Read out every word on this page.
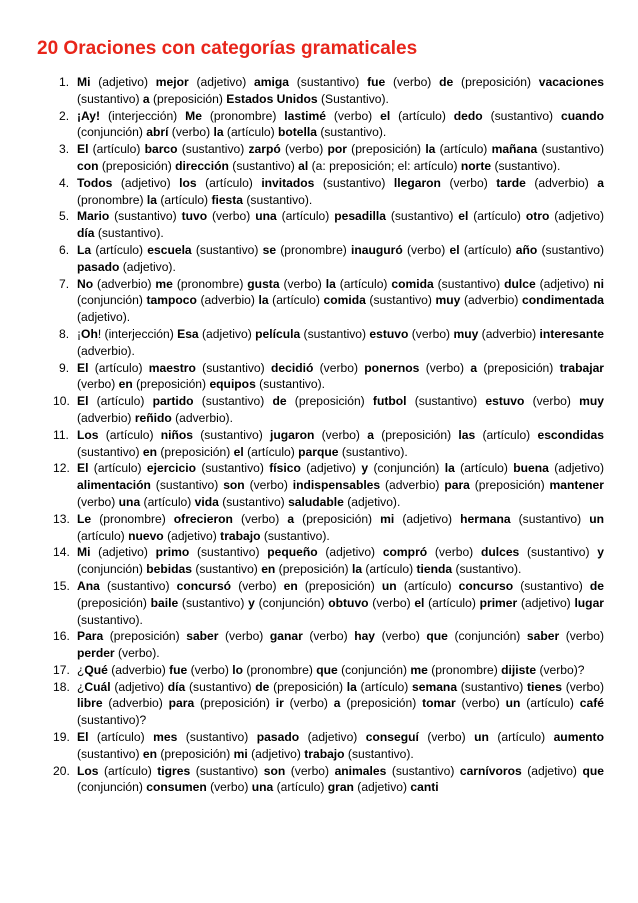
20 Oraciones con categorías gramaticales
1. Mi (adjetivo) mejor (adjetivo) amiga (sustantivo) fue (verbo) de (preposición) vacaciones (sustantivo) a (preposición) Estados Unidos (Sustantivo).
2. ¡Ay! (interjección) Me (pronombre) lastimé (verbo) el (artículo) dedo (sustantivo) cuando (conjunción) abrí (verbo) la (artículo) botella (sustantivo).
3. El (artículo) barco (sustantivo) zarpó (verbo) por (preposición) la (artículo) mañana (sustantivo) con (preposición) dirección (sustantivo) al (a: preposición; el: artículo) norte (sustantivo).
4. Todos (adjetivo) los (artículo) invitados (sustantivo) llegaron (verbo) tarde (adverbio) a (pronombre) la (artículo) fiesta (sustantivo).
5. Mario (sustantivo) tuvo (verbo) una (artículo) pesadilla (sustantivo) el (artículo) otro (adjetivo) día (sustantivo).
6. La (artículo) escuela (sustantivo) se (pronombre) inauguró (verbo) el (artículo) año (sustantivo) pasado (adjetivo).
7. No (adverbio) me (pronombre) gusta (verbo) la (artículo) comida (sustantivo) dulce (adjetivo) ni (conjunción) tampoco (adverbio) la (artículo) comida (sustantivo) muy (adverbio) condimentada (adjetivo).
8. ¡Oh! (interjección) Esa (adjetivo) película (sustantivo) estuvo (verbo) muy (adverbio) interesante (adverbio).
9. El (artículo) maestro (sustantivo) decidió (verbo) ponernos (verbo) a (preposición) trabajar (verbo) en (preposición) equipos (sustantivo).
10. El (artículo) partido (sustantivo) de (preposición) futbol (sustantivo) estuvo (verbo) muy (adverbio) reñido (adverbio).
11. Los (artículo) niños (sustantivo) jugaron (verbo) a (preposición) las (artículo) escondidas (sustantivo) en (preposición) el (artículo) parque (sustantivo).
12. El (artículo) ejercicio (sustantivo) físico (adjetivo) y (conjunción) la (artículo) buena (adjetivo) alimentación (sustantivo) son (verbo) indispensables (adverbio) para (preposición) mantener (verbo) una (artículo) vida (sustantivo) saludable (adjetivo).
13. Le (pronombre) ofrecieron (verbo) a (preposición) mi (adjetivo) hermana (sustantivo) un (artículo) nuevo (adjetivo) trabajo (sustantivo).
14. Mi (adjetivo) primo (sustantivo) pequeño (adjetivo) compró (verbo) dulces (sustantivo) y (conjunción) bebidas (sustantivo) en (preposición) la (artículo) tienda (sustantivo).
15. Ana (sustantivo) concursó (verbo) en (preposición) un (artículo) concurso (sustantivo) de (preposición) baile (sustantivo) y (conjunción) obtuvo (verbo) el (artículo) primer (adjetivo) lugar (sustantivo).
16. Para (preposición) saber (verbo) ganar (verbo) hay (verbo) que (conjunción) saber (verbo) perder (verbo).
17. ¿Qué (adverbio) fue (verbo) lo (pronombre) que (conjunción) me (pronombre) dijiste (verbo)?
18. ¿Cuál (adjetivo) día (sustantivo) de (preposición) la (artículo) semana (sustantivo) tienes (verbo) libre (adverbio) para (preposición) ir (verbo) a (preposición) tomar (verbo) un (artículo) café (sustantivo)?
19. El (artículo) mes (sustantivo) pasado (adjetivo) conseguí (verbo) un (artículo) aumento (sustantivo) en (preposición) mi (adjetivo) trabajo (sustantivo).
20. Los (artículo) tigres (sustantivo) son (verbo) animales (sustantivo) carnívoros (adjetivo) que (conjunción) consumen (verbo) una (artículo) gran (adjetivo) canti
